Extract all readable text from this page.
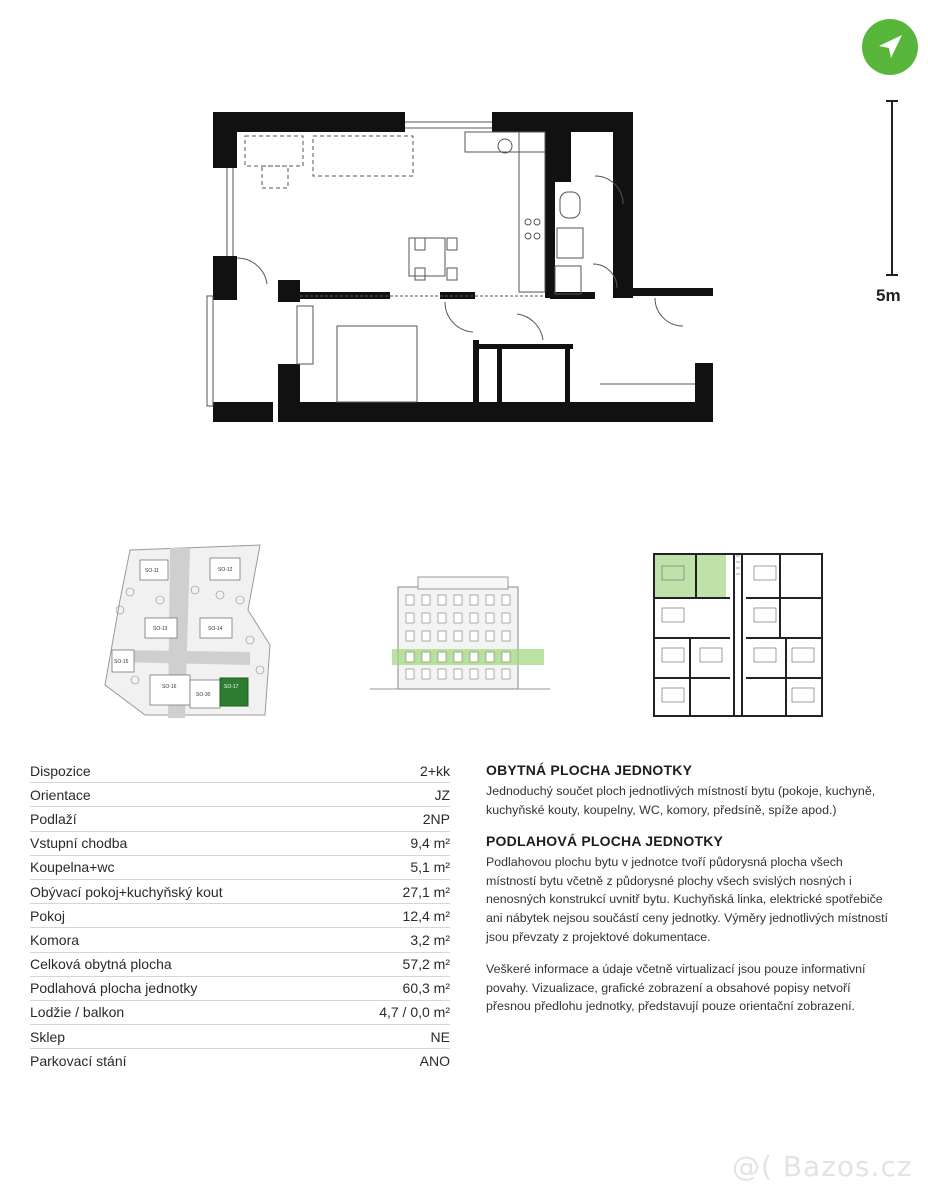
5m
SO-11	SO-12
SO-13	SO-14
SO-15
SO-16
SO-30
SO-17
Dispozice	2+kk
Orientace	JZ
Podlaží	2NP
Vstupní chodba	9,4 m²
Koupelna+wc	5,1 m²
Obývací pokoj+kuchyňský kout	27,1 m²
Pokoj	12,4 m²
Komora	3,2 m²
Celková obytná plocha	57,2 m²
Podlahová plocha jednotky	60,3 m²
Lodžie / balkon	4,7 / 0,0 m²
Sklep	NE
Parkovací stání	ANO
OBYTNÁ PLOCHA JEDNOTKY

Jednoduchý součet ploch jednotlivých místností bytu (pokoje, kuchyně, kuchyňské kouty, koupelny, WC, komory, předsíně, spíže apod.)

PODLAHOVÁ PLOCHA JEDNOTKY

Podlahovou plochu bytu v jednotce tvoří půdorysná plocha všech místností bytu včetně z půdorysné plochy všech svislých nosných i nenosných konstrukcí uvnitř bytu. Kuchyňská linka, elektrické spotřebiče ani nábytek nejsou součástí ceny jednotky. Výměry jednotlivých místností jsou převzaty z projektové dokumentace.

Veškeré informace a údaje včetně virtualizací jsou pouze informativní povahy. Vizualizace, grafické zobrazení a obsahové popisy netvoří přesnou předlohu jednotky, představují pouze orientační zobrazení.

@( Bazos.cz
